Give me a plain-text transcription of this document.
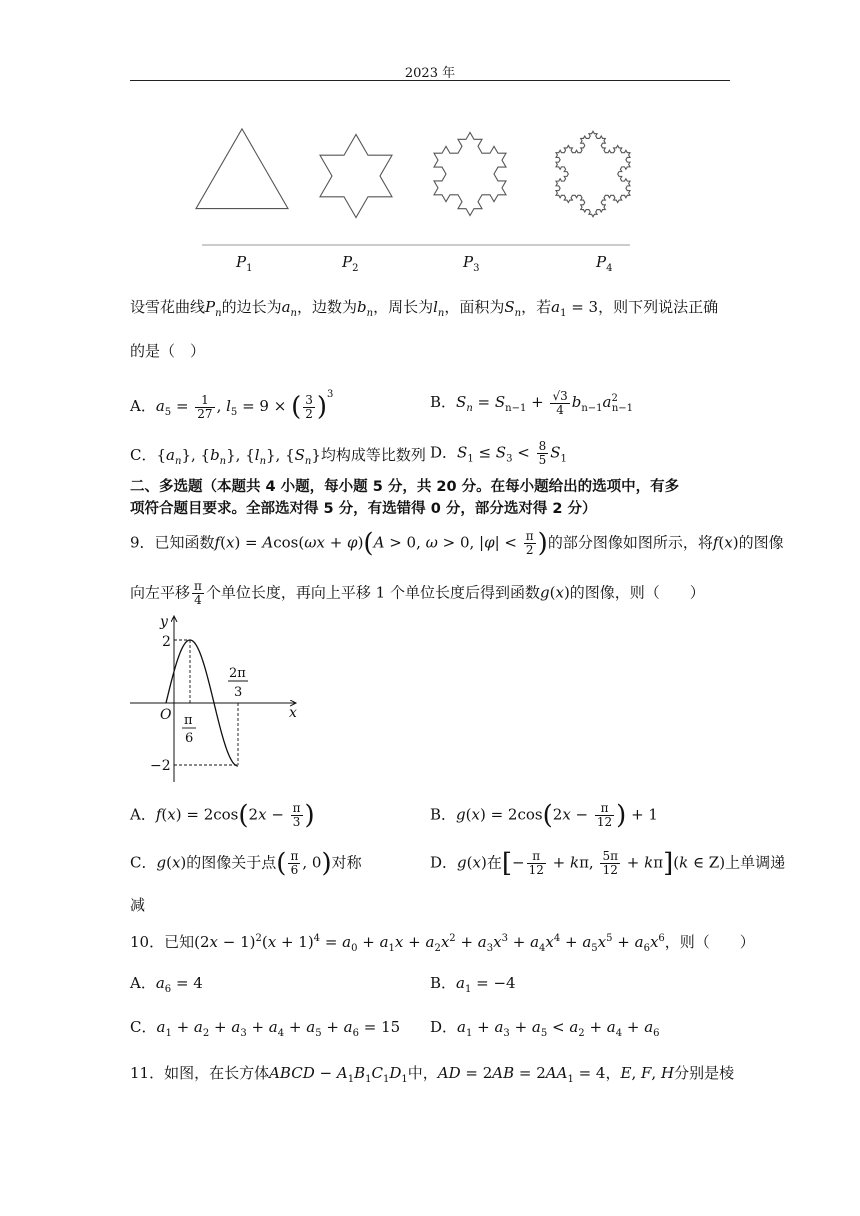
2023 年
$P_1$	$P_2$	$P_3$	$P_4$
设雪花曲线$P_n$的边长为$a_n$，边数为$b_n$，周长为$l_n$，面积为$S_n$，若$a_1 = 3$，则下列说法正确
的是（　）
A．$a_5 = \frac{1}{27}$ , $l_5 = 9$ × ( $\frac{3}{2} )^3$	B．$S_n = S_{n-1} + \frac{√3}{4} b_{n-1}a^2_{n-1}$
C．$\{a_n\}$, $\{b_n\}$, $\{l_n\}$, $\{S_n\}$均构成等比数列 D．$S_1 \le S_3 < \frac{8}{5} S_1$
二、多选题（本题共 4 小题，每小题 5 分，共 20 分。在每小题给出的选项中，有多
项符合题目要求。全部选对得 5 分，有选错得 0 分，部分选对得 2 分）
9．已知函数f(x) = Acos(ωx + φ)(A > 0, ω > 0, $|\varphi| < \frac{\pi}{2}$ )的部分图像如图所示，将f(x)的图像
向左平移 $\frac{\pi}{4}$ 个单位长度，再向上平移 1 个单位长度后得到函数g(x)的图像，则（　　）
y
x
O
2
−2
π
6
2π
3
A．$f(x) = 2\cos(2x - \frac{\pi}{3}$ )	B．$g(x) = 2\cos(2x - \frac{\pi}{12}$ ) + 1
C．g(x)的图像关于点( $\frac{\pi}{6}$ , 0)对称	D．g(x)在[− $\frac{\pi}{12} + k\pi$, $\frac{5\pi}{12} + k\pi](k$ ∈ Z)上单调递
减
10．已知$(2x - 1)^2(x + 1)^4 = a_0 + a_1x + a_2x^2 + a_3x^3 + a_4x^4 + a_5x^5 + a_6x^6$，则（　　）
A．$a_6 = 4$	B．$a_1 = -4$
C．$a_1 + a_2 + a_3 + a_4 + a_5 + a_6 = 15$ D．$a_1 + a_3 + a_5 < a_2 + a_4 + a_6$
11．如图，在长方体ABCD − $A_1B_1C_1D_1$中，AD = $2AB = 2AA_1 = 4$，E, F, H分别是棱
